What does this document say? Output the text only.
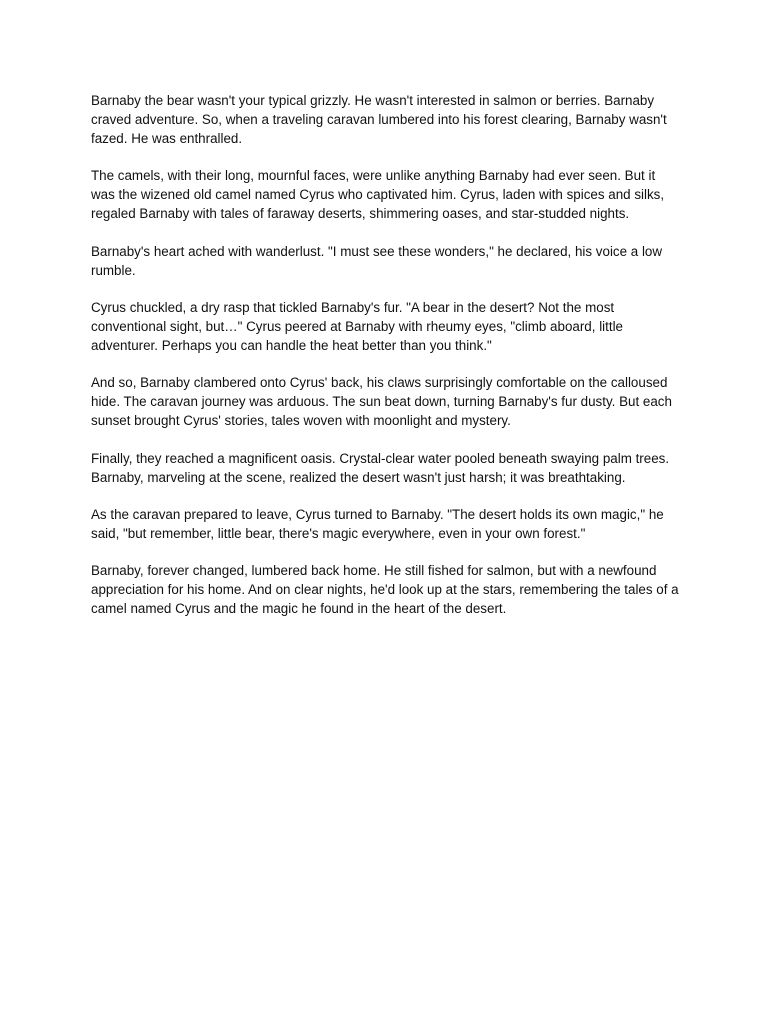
Barnaby the bear wasn't your typical grizzly. He wasn't interested in salmon or berries. Barnaby craved adventure. So, when a traveling caravan lumbered into his forest clearing, Barnaby wasn't fazed. He was enthralled.

The camels, with their long, mournful faces, were unlike anything Barnaby had ever seen. But it was the wizened old camel named Cyrus who captivated him. Cyrus, laden with spices and silks, regaled Barnaby with tales of faraway deserts, shimmering oases, and star-studded nights.

Barnaby's heart ached with wanderlust. "I must see these wonders," he declared, his voice a low rumble.

Cyrus chuckled, a dry rasp that tickled Barnaby's fur. "A bear in the desert? Not the most conventional sight, but…" Cyrus peered at Barnaby with rheumy eyes, "climb aboard, little adventurer. Perhaps you can handle the heat better than you think."

And so, Barnaby clambered onto Cyrus' back, his claws surprisingly comfortable on the calloused hide. The caravan journey was arduous. The sun beat down, turning Barnaby's fur dusty. But each sunset brought Cyrus' stories, tales woven with moonlight and mystery.

Finally, they reached a magnificent oasis. Crystal-clear water pooled beneath swaying palm trees. Barnaby, marveling at the scene, realized the desert wasn't just harsh; it was breathtaking.

As the caravan prepared to leave, Cyrus turned to Barnaby. "The desert holds its own magic," he said, "but remember, little bear, there's magic everywhere, even in your own forest."

Barnaby, forever changed, lumbered back home. He still fished for salmon, but with a newfound appreciation for his home. And on clear nights, he'd look up at the stars, remembering the tales of a camel named Cyrus and the magic he found in the heart of the desert.
